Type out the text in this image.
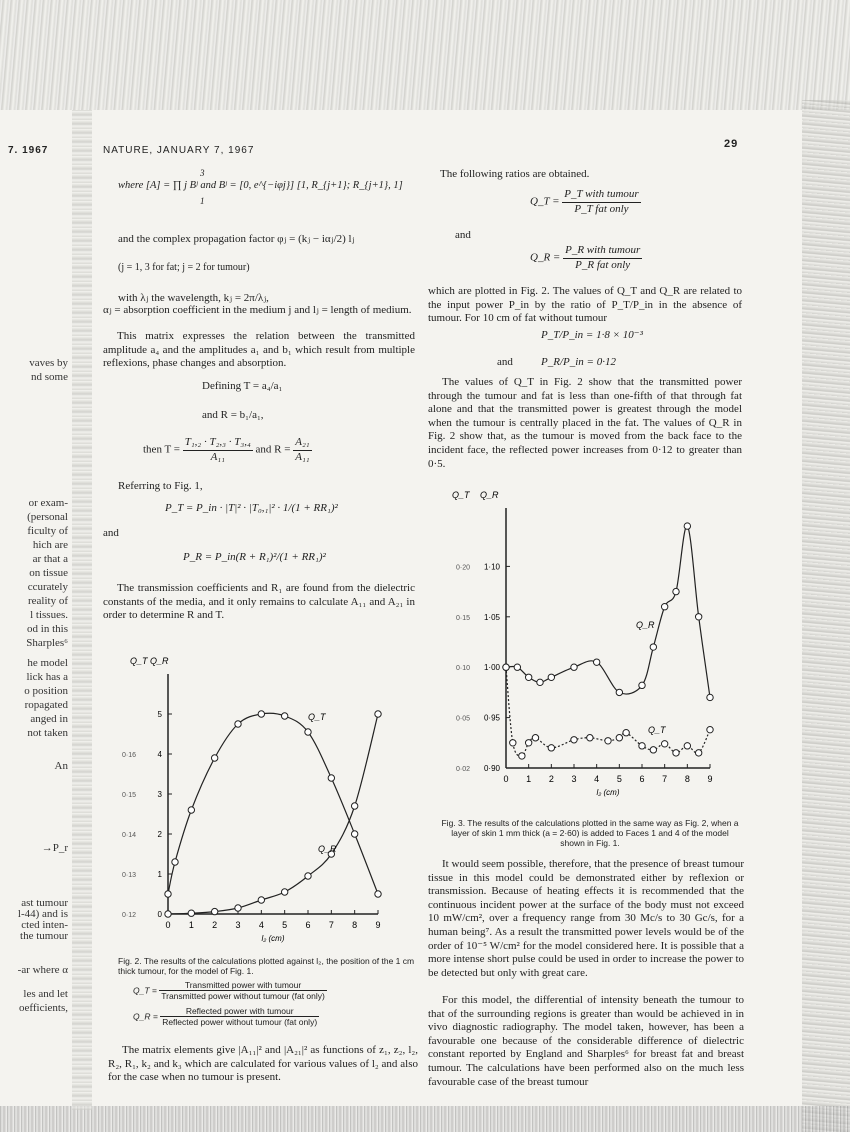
7. 1967
vaves by
nd some
or exam-
(personal
ficulty of
hich are
ar that a
on tissue
ccurately
reality of
l tissues.
od in this
Sharples⁶
he model
lick has a
o position
ropagated
anged in
not taken
An
→P_r
ast tumour
l-44) and is
cted inten-
the tumour
-ar where α
les and let
oefficients,
NATURE, JANUARY 7, 1967
29
3
where [A] = ∏ j Bʲ and Bʲ = [0, e^{−iφj}] [1, R_{j+1}; R_{j+1}, 1]
1
and the complex propagation factor φⱼ = (kⱼ − iαⱼ/2) lⱼ
(j = 1, 3 for fat; j = 2 for tumour)
with λⱼ the wavelength, kⱼ = 2π/λⱼ,
αⱼ = absorption coefficient in the medium j and lⱼ = length of medium.
This matrix expresses the relation between the transmitted amplitude a₄ and the amplitudes a₁ and b₁ which result from multiple reflexions, phase changes and absorption.
Defining T = a₄/a₁
and R = b₁/a₁,
then $T = \frac{\text{T₁,₂ · T₂,₃ · T₃,₄}}{\text{A₁₁}}$ and $R = \frac{\text{A₂₁}}{\text{A₁₁}}$
Referring to Fig. 1,
P_T = P_in · |T|² · |T₀,₁|² · 1/(1 + RR₁)²
and
P_R = P_in(R + R₁)²/(1 + RR₁)²
The transmission coefficients and R₁ are found from the dielectric constants of the media, and it only remains to calculate A₁₁ and A₂₁ in order to determine R and T.
Q_T Q_R
0 1 2 3 4 5 6 7 8 9
l₂ (cm)
0
0·12
1
0·13
2
0·14
3
0·15
4
0·16
5	Q_T
Q_R
Fig. 2. The results of the calculations plotted against l₂, the position of the 1 cm thick tumour, for the model of Fig. 1.
Q_T = $\frac{\text{Transmitted power with tumour}}{\text{Transmitted power without tumour (fat only)}}$
Q_R = $\frac{\text{Reflected power with tumour}}{\text{Reflected power without tumour (fat only)}}$
The matrix elements give |A₁₁|² and |A₂₁|² as functions of z₁, z₂, l₂, R₂, R₁, k₂ and k₃ which are calculated for various values of l₂ and also for the case when no tumour is present.
The following ratios are obtained.
Q_T = $\frac{\text{P\_T with tumour}}{\text{P\_T fat only}}$
and
Q_R = $\frac{\text{P\_R with tumour}}{\text{P\_R fat only}}$
which are plotted in Fig. 2. The values of Q_T and Q_R are related to the input power P_in by the ratio of P_T/P_in in the absence of tumour. For 10 cm of fat without tumour
P_T/P_in = 1·8 × 10⁻³
and	P_R/P_in = 0·12
The values of Q_T in Fig. 2 show that the transmitted power through the tumour and fat is less than one-fifth of that through fat alone and that the transmitted power is greatest through the model when the tumour is centrally placed in the fat. The values of Q_R in Fig. 2 show that, as the tumour is moved from the back face to the incident face, the reflected power increases from 0·12 to greater than 0·5.
Q_T Q_R
0 1 2 3 4 5 6 7 8 9
l₂ (cm)
0·90
0·02
0·95
0·05
1·00
0·10
1·05
0·15
1·10
0·20
Q_R
Q_T
Fig. 3. The results of the calculations plotted in the same way as Fig. 2, when a layer of skin 1 mm thick (a = 2·60) is added to Faces 1 and 4 of the model shown in Fig. 1.
It would seem possible, therefore, that the presence of breast tumour tissue in this model could be demonstrated either by reflexion or transmission. Because of heating effects it is recommended that the continuous incident power at the surface of the body must not exceed 10 mW/cm², over a frequency range from 30 Mc/s to 30 Gc/s, for a human being⁷. As a result the transmitted power levels would be of the order of 10⁻⁵ W/cm² for the model considered here. It is possible that a more intense short pulse could be used in order to increase the power to be detected but only with great care.
For this model, the differential of intensity beneath the tumour to that of the surrounding regions is greater than would be achieved in in vivo diagnostic radiography. The model taken, however, has been a favourable one because of the considerable difference of dielectric constant reported by England and Sharples⁶ for breast fat and breast tumour. The calculations have been performed also on the much less favourable case of the breast tumour
